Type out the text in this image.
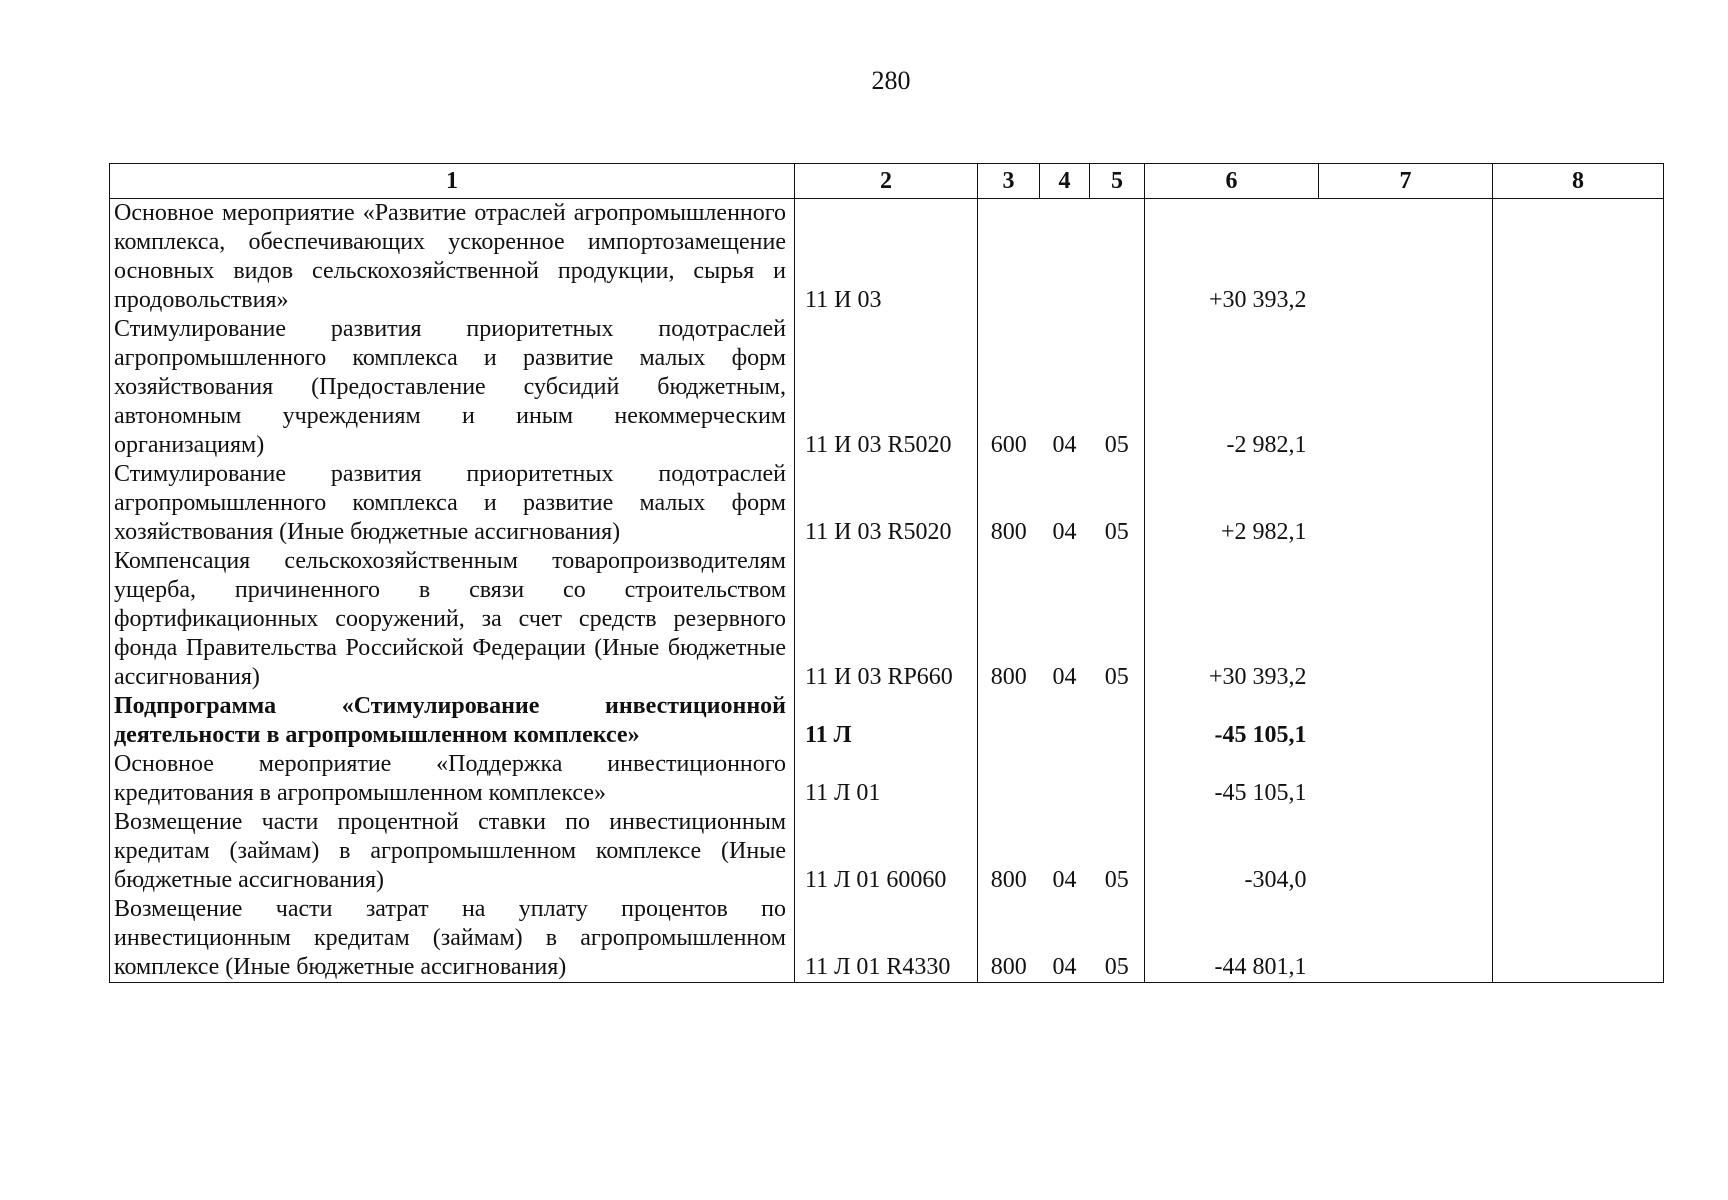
280
1	2	3	4	5	6	7	8
Основное мероприятие «Развитие отраслей агропромышленного комплекса, обеспечивающих ускоренное импортозамещение основных видов сельскохозяйственной продукции, сырья и продовольствия»	11 И 03				+30 393,2		
Стимулирование развития приоритетных подотраслей агропромышленного комплекса и развитие малых форм хозяйствования (Предоставление субсидий бюджетным, автономным учреждениям и иным некоммерческим организациям)	11 И 03 R5020	600	04	05	-2 982,1		
Стимулирование развития приоритетных подотраслей агропромышленного комплекса и развитие малых форм хозяйствования (Иные бюджетные ассигнования)	11 И 03 R5020	800	04	05	+2 982,1		
Компенсация сельскохозяйственным товаропроизводителям ущерба, причиненного в связи со строительством фортификационных сооружений, за счет средств резервного фонда Правительства Российской Федерации (Иные бюджетные ассигнования)	11 И 03 RP660	800	04	05	+30 393,2		
Подпрограмма «Стимулирование инвестиционной деятельности в агропромышленном комплексе»	11 Л				-45 105,1		
Основное мероприятие «Поддержка инвестиционного кредитования в агропромышленном комплексе»	11 Л 01				-45 105,1		
Возмещение части процентной ставки по инвестиционным кредитам (займам) в агропромышленном комплексе (Иные бюджетные ассигнования)	11 Л 01 60060	800	04	05	-304,0		
Возмещение части затрат на уплату процентов по инвестиционным кредитам (займам) в агропромышленном комплексе (Иные бюджетные ассигнования)	11 Л 01 R4330	800	04	05	-44 801,1		
